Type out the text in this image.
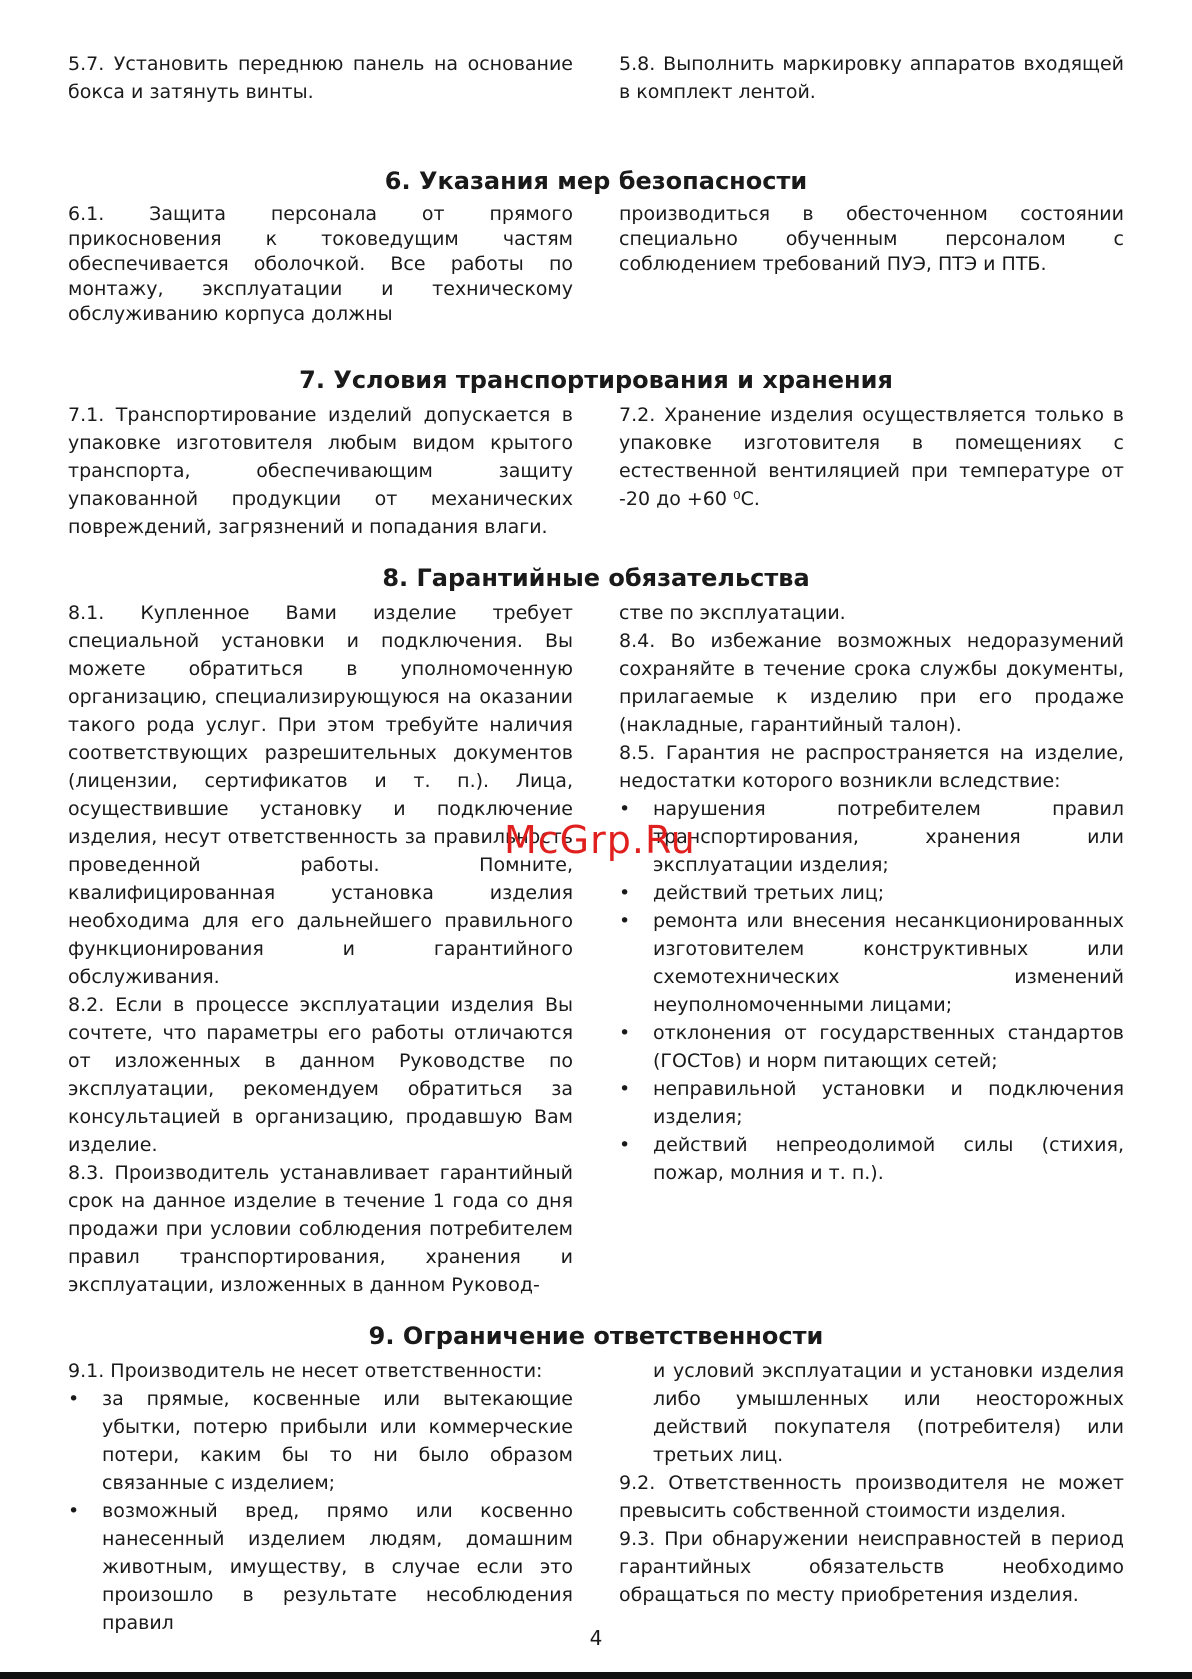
5.7. Установить переднюю панель на основание бокса и затянуть винты.

5.8. Выполнить маркировку аппаратов входящей в комплект лентой.

6. Указания мер безопасности

6.1. Защита персонала от прямого прикосновения к токоведущим частям обеспечивается оболочкой. Все работы по монтажу, эксплуатации и техническому обслуживанию корпуса должны

производиться в обесточенном состоянии специально обученным персоналом с соблюдением требований ПУЭ, ПТЭ и ПТБ.

7. Условия транспортирования и хранения

7.1. Транспортирование изделий допускается в упаковке изготовителя любым видом крытого транспорта, обеспечивающим защиту упакованной продукции от механических повреждений, загрязнений и попадания влаги.

7.2. Хранение изделия осуществляется только в упаковке изготовителя в помещениях с естественной вентиляцией при температуре от -20 до +60 ⁰С.

8. Гарантийные обязательства

8.1. Купленное Вами изделие требует специальной установки и подключения. Вы можете обратиться в уполномоченную организацию, специализирующуюся на оказании такого рода услуг. При этом требуйте наличия соответствующих разрешительных документов (лицензии, сертификатов и т. п.). Лица, осуществившие установку и подключение изделия, несут ответственность за правильность проведенной работы. Помните, квалифицированная установка изделия необходима для его дальнейшего правильного функционирования и гарантийного обслуживания.

8.2. Если в процессе эксплуатации изделия Вы сочтете, что параметры его работы отличаются от изложенных в данном Руководстве по эксплуатации, рекомендуем обратиться за консультацией в организацию, продавшую Вам изделие.

8.3. Производитель устанавливает гарантийный срок на данное изделие в течение 1 года со дня продажи при условии соблюдения потребителем правил транспортирования, хранения и эксплуатации, изложенных в данном Руковод-

стве по эксплуатации.

8.4. Во избежание возможных недоразумений сохраняйте в течение срока службы документы, прилагаемые к изделию при его продаже (накладные, гарантийный талон).

8.5. Гарантия не распространяется на изделие, недостатки которого возникли вследствие:

• нарушения потребителем правил транспортирования, хранения или эксплуатации изделия;
• действий третьих лиц;
• ремонта или внесения несанкционированных изготовителем конструктивных или схемотехнических изменений неуполномоченными лицами;
• отклонения от государственных стандартов (ГОСТов) и норм питающих сетей;
• неправильной установки и подключения изделия;
• действий непреодолимой силы (стихия, пожар, молния и т. п.).
9. Ограничение ответственности

9.1. Производитель не несет ответственности:

• за прямые, косвенные или вытекающие убытки, потерю прибыли или коммерческие потери, каким бы то ни было образом связанные с изделием;
• возможный вред, прямо или косвенно нанесенный изделием людям, домашним животным, имуществу, в случае если это произошло в результате несоблюдения правил

и условий эксплуатации и установки изделия либо умышленных или неосторожных действий покупателя (потребителя) или третьих лиц.

9.2. Ответственность производителя не может превысить собственной стоимости изделия.

9.3. При обнаружении неисправностей в период гарантийных обязательств необходимо обращаться по месту приобретения изделия.

McGrp.Ru
4
